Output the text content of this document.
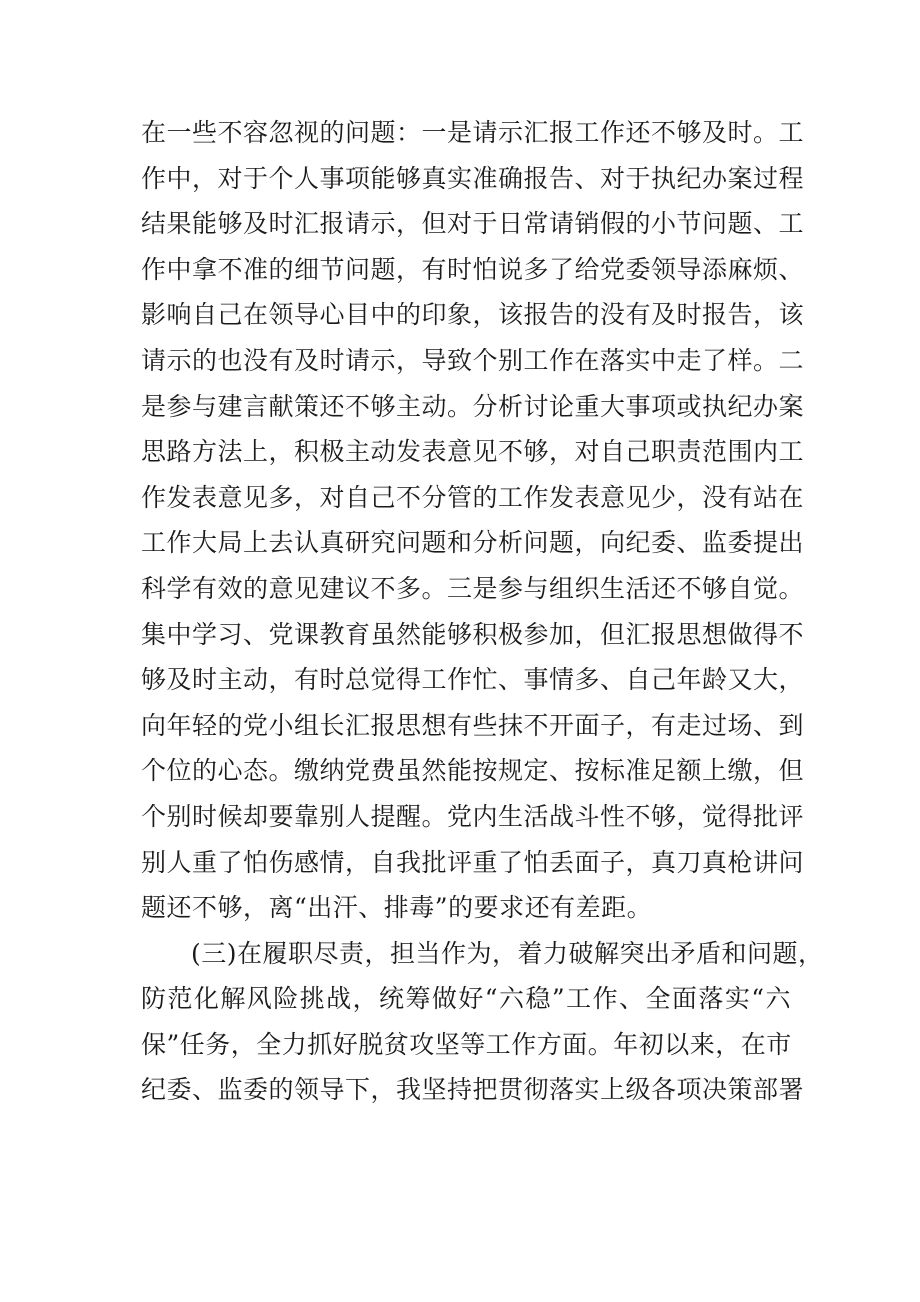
在一些不容忽视的问题：一是请示汇报工作还不够及时。工
作中，对于个人事项能够真实准确报告、对于执纪办案过程
结果能够及时汇报请示，但对于日常请销假的小节问题、工
作中拿不准的细节问题，有时怕说多了给党委领导添麻烦、
影响自己在领导心目中的印象，该报告的没有及时报告，该
请示的也没有及时请示，导致个别工作在落实中走了样。二
是参与建言献策还不够主动。分析讨论重大事项或执纪办案
思路方法上，积极主动发表意见不够，对自己职责范围内工
作发表意见多，对自己不分管的工作发表意见少，没有站在
工作大局上去认真研究问题和分析问题，向纪委、监委提出
科学有效的意见建议不多。三是参与组织生活还不够自觉。
集中学习、党课教育虽然能够积极参加，但汇报思想做得不
够及时主动，有时总觉得工作忙、事情多、自己年龄又大，
向年轻的党小组长汇报思想有些抹不开面子，有走过场、到
个位的心态。缴纳党费虽然能按规定、按标准足额上缴，但
个别时候却要靠别人提醒。党内生活战斗性不够，觉得批评
别人重了怕伤感情，自我批评重了怕丢面子，真刀真枪讲问
题还不够，离“出汗、排毒”的要求还有差距。
(三)在履职尽责，担当作为，着力破解突出矛盾和问题，
防范化解风险挑战，统筹做好“六稳”工作、全面落实“六
保”任务，全力抓好脱贫攻坚等工作方面。年初以来，在市
纪委、监委的领导下，我坚持把贯彻落实上级各项决策部署
